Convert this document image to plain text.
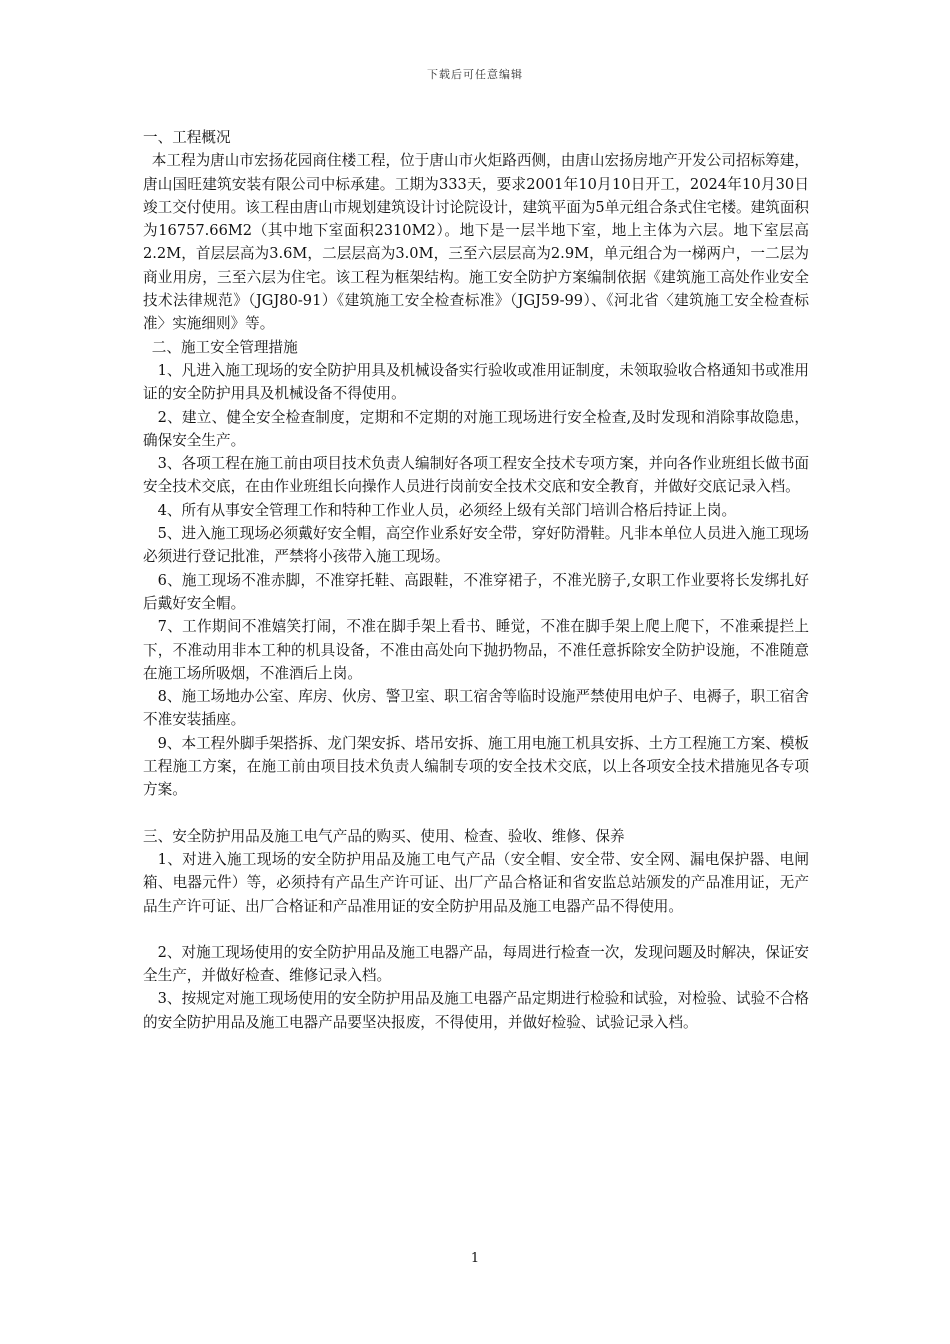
下载后可任意编辑

一、工程概况

本工程为唐山市宏扬花园商住楼工程，位于唐山市火炬路西侧，由唐山宏扬房地产开发公司招标筹建，唐山国旺建筑安装有限公司中标承建。工期为333天，要求2001年10月10日开工，2024年10月30日竣工交付使用。该工程由唐山市规划建筑设计讨论院设计，建筑平面为5单元组合条式住宅楼。建筑面积为16757.66M2（其中地下室面积2310M2）。地下是一层半地下室，地上主体为六层。地下室层高2.2M，首层层高为3.6M，二层层高为3.0M，三至六层层高为2.9M，单元组合为一梯两户，一二层为商业用房，三至六层为住宅。该工程为框架结构。施工安全防护方案编制依据《建筑施工高处作业安全技术法律规范》（JGJ80-91）《建筑施工安全检查标准》（JGJ59-99）、《河北省〈建筑施工安全检查标准〉实施细则》等。

二、施工安全管理措施

1、凡进入施工现场的安全防护用具及机械设备实行验收或准用证制度，未领取验收合格通知书或准用证的安全防护用具及机械设备不得使用。

2、建立、健全安全检查制度，定期和不定期的对施工现场进行安全检查,及时发现和消除事故隐患，确保安全生产。

3、各项工程在施工前由项目技术负责人编制好各项工程安全技术专项方案，并向各作业班组长做书面安全技术交底，在由作业班组长向操作人员进行岗前安全技术交底和安全教育，并做好交底记录入档。

4、所有从事安全管理工作和特种工作业人员，必须经上级有关部门培训合格后持证上岗。

5、进入施工现场必须戴好安全帽，高空作业系好安全带，穿好防滑鞋。凡非本单位人员进入施工现场必须进行登记批准，严禁将小孩带入施工现场。

6、施工现场不准赤脚，不准穿托鞋、高跟鞋，不准穿裙子，不准光膀子,女职工作业要将长发绑扎好后戴好安全帽。

7、工作期间不准嬉笑打闹，不准在脚手架上看书、睡觉，不准在脚手架上爬上爬下，不准乘提拦上下，不准动用非本工种的机具设备，不准由高处向下抛扔物品，不准任意拆除安全防护设施，不准随意在施工场所吸烟，不准酒后上岗。

8、施工场地办公室、库房、伙房、警卫室、职工宿舍等临时设施严禁使用电炉子、电褥子，职工宿舍不准安装插座。

9、本工程外脚手架搭拆、龙门架安拆、塔吊安拆、施工用电施工机具安拆、土方工程施工方案、模板工程施工方案，在施工前由项目技术负责人编制专项的安全技术交底，以上各项安全技术措施见各专项方案。

三、安全防护用品及施工电气产品的购买、使用、检查、验收、维修、保养

1、对进入施工现场的安全防护用品及施工电气产品（安全帽、安全带、安全网、漏电保护器、电闸箱、电器元件）等，必须持有产品生产许可证、出厂产品合格证和省安监总站颁发的产品准用证，无产品生产许可证、出厂合格证和产品准用证的安全防护用品及施工电器产品不得使用。

2、对施工现场使用的安全防护用品及施工电器产品，每周进行检查一次，发现问题及时解决，保证安全生产，并做好检查、维修记录入档。

3、按规定对施工现场使用的安全防护用品及施工电器产品定期进行检验和试验，对检验、试验不合格的安全防护用品及施工电器产品要坚决报废，不得使用，并做好检验、试验记录入档。

1
